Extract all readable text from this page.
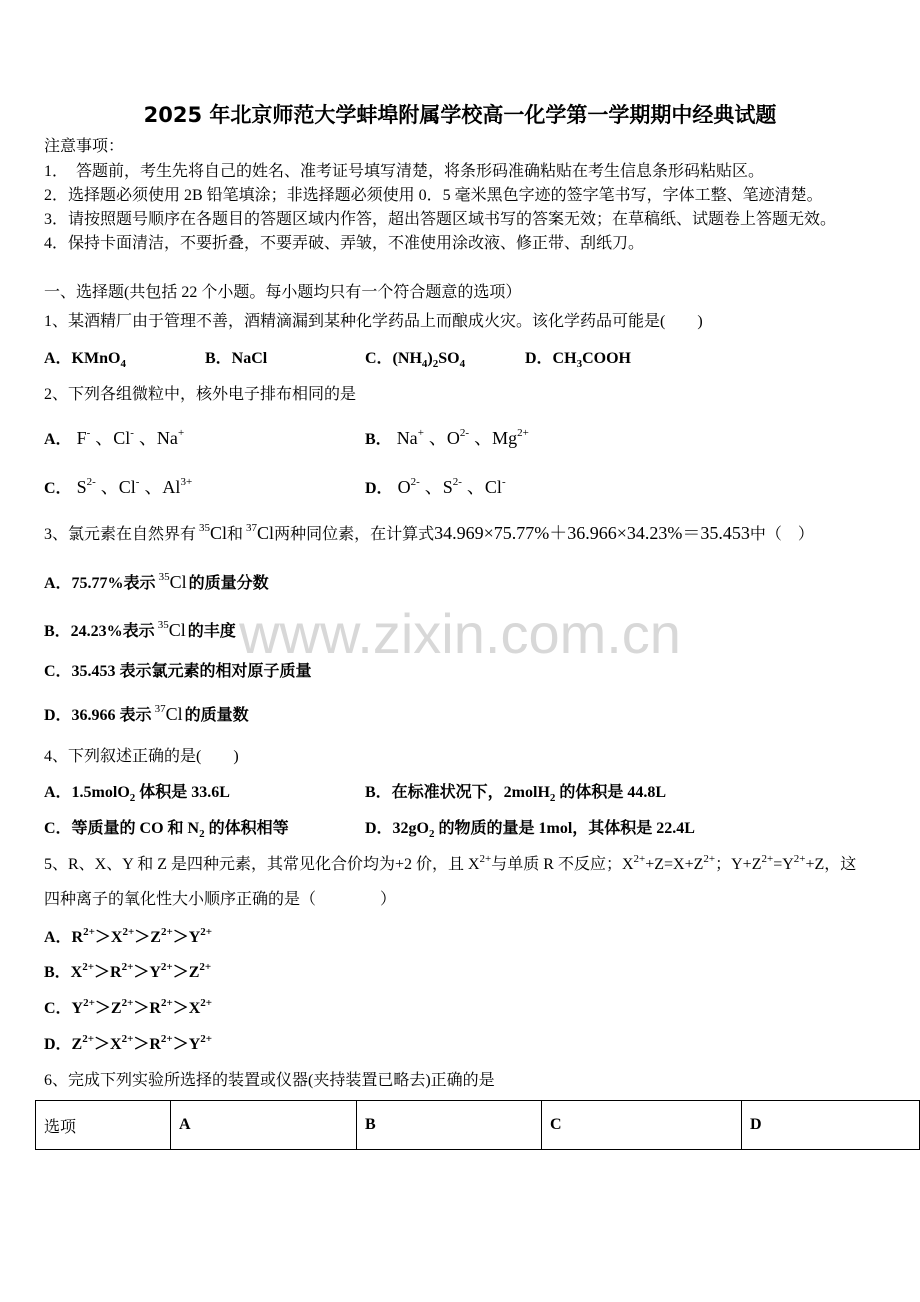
www.zixin.com.cn
2025 年北京师范大学蚌埠附属学校高一化学第一学期期中经典试题
注意事项：
1．　答题前，考生先将自己的姓名、准考证号填写清楚，将条形码准确粘贴在考生信息条形码粘贴区。
2．选择题必须使用 2B 铅笔填涂；非选择题必须使用 0．5 毫米黑色字迹的签字笔书写，字体工整、笔迹清楚。
3．请按照题号顺序在各题目的答题区域内作答，超出答题区域书写的答案无效；在草稿纸、试题卷上答题无效。
4．保持卡面清洁，不要折叠，不要弄破、弄皱，不准使用涂改液、修正带、刮纸刀。
一、选择题(共包括 22 个小题。每小题均只有一个符合题意的选项）
1、某酒精厂由于管理不善，酒精滴漏到某种化学药品上而酿成火灾。该化学药品可能是(　　)
A．KMnO$_4$	B．NaCl	C．$(NH_4)_2SO_4$	D．$CH_3COOH$
2、下列各组微粒中，核外电子排布相同的是
A． F- 、Cl- 、Na+	B． Na+ 、$O^{2-}$ 、$Mg^{2+}$
C． $S^{2-}$ 、Cl- 、$Al^{3+}$	D． $O^{2-}$ 、$S^{2-}$ 、Cl-
3、氯元素在自然界有 $^{35}$Cl和 $^{37}$Cl两种同位素，在计算式34.969×75.77%＋36.966×34.23%＝35.453中（　）
A．75.77%表示 $^{35}$Cl 的质量分数
B．24.23%表示 $^{35}$Cl 的丰度
C．35.453 表示氯元素的相对原子质量
D．36.966 表示 $^{37}$Cl 的质量数
4、下列叙述正确的是(　　)
A．1.5molO$_2$ 体积是 33.6L	B．在标准状况下，2molH$_2$ 的体积是 44.8L
C．等质量的 CO 和 $N_2$ 的体积相等	D．$32gO_2$ 的物质的量是 1mol，其体积是 22.4L
5、R、X、Y 和 Z 是四种元素，其常见化合价均为+2 价，且 $X^{2+}$与单质 R 不反应；$X^{2+}+Z=X+Z^{2+}$；$Y+Z^{2+}=Y^{2+}+Z$，这
四种离子的氧化性大小顺序正确的是（　　　　）
A．$R^{2+}>X^{2+}>Z^{2+}>Y^{2+}$
B．$X^{2+}>R^{2+}>Y^{2+}>Z^{2+}$
C．$Y^{2+}>Z^{2+}>R^{2+}>X^{2+}$
D．$Z^{2+}>X^{2+}>R^{2+}>Y^{2+}$
6、完成下列实验所选择的装置或仪器(夹持装置已略去)正确的是
选项	A	B	C	D
